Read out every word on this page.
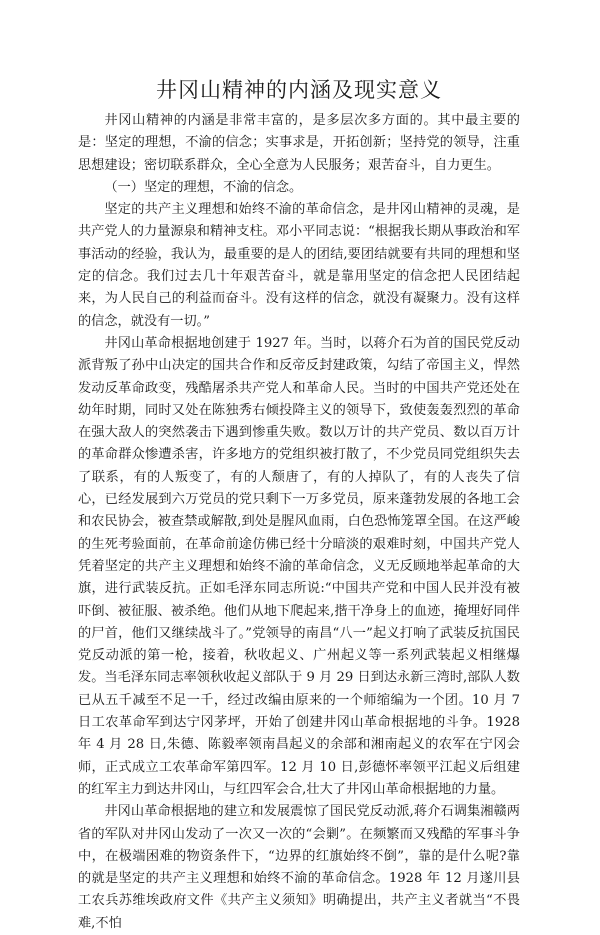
井冈山精神的内涵及现实意义

井冈山精神的内涵是非常丰富的，是多层次多方面的。其中最主要的是：坚定的理想，不渝的信念；实事求是，开拓创新；坚持党的领导，注重思想建设；密切联系群众，全心全意为人民服务；艰苦奋斗，自力更生。

（一）坚定的理想，不渝的信念。

坚定的共产主义理想和始终不渝的革命信念，是井冈山精神的灵魂，是共产党人的力量源泉和精神支柱。邓小平同志说：“根据我长期从事政治和军事活动的经验，我认为，最重要的是人的团结,要团结就要有共同的理想和坚定的信念。我们过去几十年艰苦奋斗，就是靠用坚定的信念把人民团结起来，为人民自己的利益而奋斗。没有这样的信念，就没有凝聚力。没有这样的信念，就没有一切。”

井冈山革命根据地创建于 1927 年。当时，以蒋介石为首的国民党反动派背叛了孙中山决定的国共合作和反帝反封建政策，勾结了帝国主义，悍然发动反革命政变，残酷屠杀共产党人和革命人民。当时的中国共产党还处在幼年时期，同时又处在陈独秀右倾投降主义的领导下，致使轰轰烈烈的革命在强大敌人的突然袭击下遇到惨重失败。数以万计的共产党员、数以百万计的革命群众惨遭杀害，许多地方的党组织被打散了，不少党员同党组织失去了联系，有的人叛变了，有的人颓唐了，有的人掉队了，有的人丧失了信心，已经发展到六万党员的党只剩下一万多党员，原来蓬勃发展的各地工会和农民协会，被查禁或解散,到处是腥风血雨，白色恐怖笼罩全国。在这严峻的生死考验面前，在革命前途仿佛已经十分暗淡的艰难时刻，中国共产党人凭着坚定的共产主义理想和始终不渝的革命信念，义无反顾地举起革命的大旗，进行武装反抗。正如毛泽东同志所说:“中国共产党和中国人民并没有被吓倒、被征服、被杀绝。他们从地下爬起来,揩干净身上的血迹，掩埋好同伴的尸首，他们又继续战斗了。”党领导的南昌“八一”起义打响了武装反抗国民党反动派的第一枪，接着，秋收起义、广州起义等一系列武装起义相继爆发。当毛泽东同志率领秋收起义部队于 9 月 29 日到达永新三湾时,部队人数已从五千减至不足一千，经过改编由原来的一个师缩编为一个团。10 月 7 日工农革命军到达宁冈茅坪，开始了创建井冈山革命根据地的斗争。1928 年 4 月 28 日,朱德、陈毅率领南昌起义的余部和湘南起义的农军在宁冈会师，正式成立工农革命军第四军。12 月 10 日,彭德怀率领平江起义后组建的红军主力到达井冈山，与红四军会合,壮大了井冈山革命根据地的力量。

井冈山革命根据地的建立和发展震惊了国民党反动派,蒋介石调集湘赣两省的军队对井冈山发动了一次又一次的“会剿”。在频繁而又残酷的军事斗争中，在极端困难的物资条件下，“边界的红旗始终不倒”，靠的是什么呢?靠的就是坚定的共产主义理想和始终不渝的革命信念。1928 年 12 月遂川县工农兵苏维埃政府文件《共产主义须知》明确提出，共产主义者就当“不畏难,不怕
